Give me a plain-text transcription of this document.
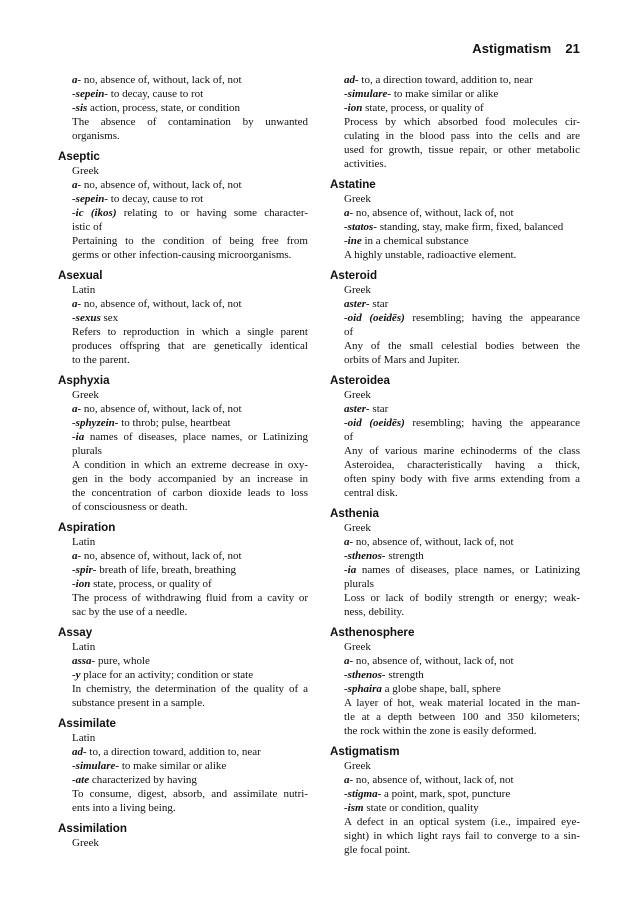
Astigmatism 21
a- no, absence of, without, lack of, not
-sepein- to decay, cause to rot
-sis action, process, state, or condition
The absence of contamination by unwanted
organisms.
Aseptic
Greek
a- no, absence of, without, lack of, not
-sepein- to decay, cause to rot
-ic (ikos) relating to or having some character-
istic of
Pertaining to the condition of being free from
germs or other infection-causing microorganisms.
Asexual
Latin
a- no, absence of, without, lack of, not
-sexus sex
Refers to reproduction in which a single parent
produces offspring that are genetically identical
to the parent.
Asphyxia
Greek
a- no, absence of, without, lack of, not
-sphyzein- to throb; pulse, heartbeat
-ia names of diseases, place names, or Latinizing
plurals
A condition in which an extreme decrease in oxy-
gen in the body accompanied by an increase in
the concentration of carbon dioxide leads to loss
of consciousness or death.
Aspiration
Latin
a- no, absence of, without, lack of, not
-spir- breath of life, breath, breathing
-ion state, process, or quality of
The process of withdrawing fluid from a cavity or
sac by the use of a needle.
Assay
Latin
assa- pure, whole
-y place for an activity; condition or state
In chemistry, the determination of the quality of a
substance present in a sample.
Assimilate
Latin
ad- to, a direction toward, addition to, near
-simulare- to make similar or alike
-ate characterized by having
To consume, digest, absorb, and assimilate nutri-
ents into a living being.
Assimilation
Greek
ad- to, a direction toward, addition to, near
-simulare- to make similar or alike
-ion state, process, or quality of
Process by which absorbed food molecules cir-
culating in the blood pass into the cells and are
used for growth, tissue repair, or other metabolic
activities.
Astatine
Greek
a- no, absence of, without, lack of, not
-statos- standing, stay, make firm, fixed, balanced
-ine in a chemical substance
A highly unstable, radioactive element.
Asteroid
Greek
aster- star
-oid (oeidēs) resembling; having the appearance
of
Any of the small celestial bodies between the
orbits of Mars and Jupiter.
Asteroidea
Greek
aster- star
-oid (oeidēs) resembling; having the appearance
of
Any of various marine echinoderms of the class
Asteroidea, characteristically having a thick,
often spiny body with five arms extending from a
central disk.
Asthenia
Greek
a- no, absence of, without, lack of, not
-sthenos- strength
-ia names of diseases, place names, or Latinizing
plurals
Loss or lack of bodily strength or energy; weak-
ness, debility.
Asthenosphere
Greek
a- no, absence of, without, lack of, not
-sthenos- strength
-sphaira a globe shape, ball, sphere
A layer of hot, weak material located in the man-
tle at a depth between 100 and 350 kilometers;
the rock within the zone is easily deformed.
Astigmatism
Greek
a- no, absence of, without, lack of, not
-stigma- a point, mark, spot, puncture
-ism state or condition, quality
A defect in an optical system (i.e., impaired eye-
sight) in which light rays fail to converge to a sin-
gle focal point.
